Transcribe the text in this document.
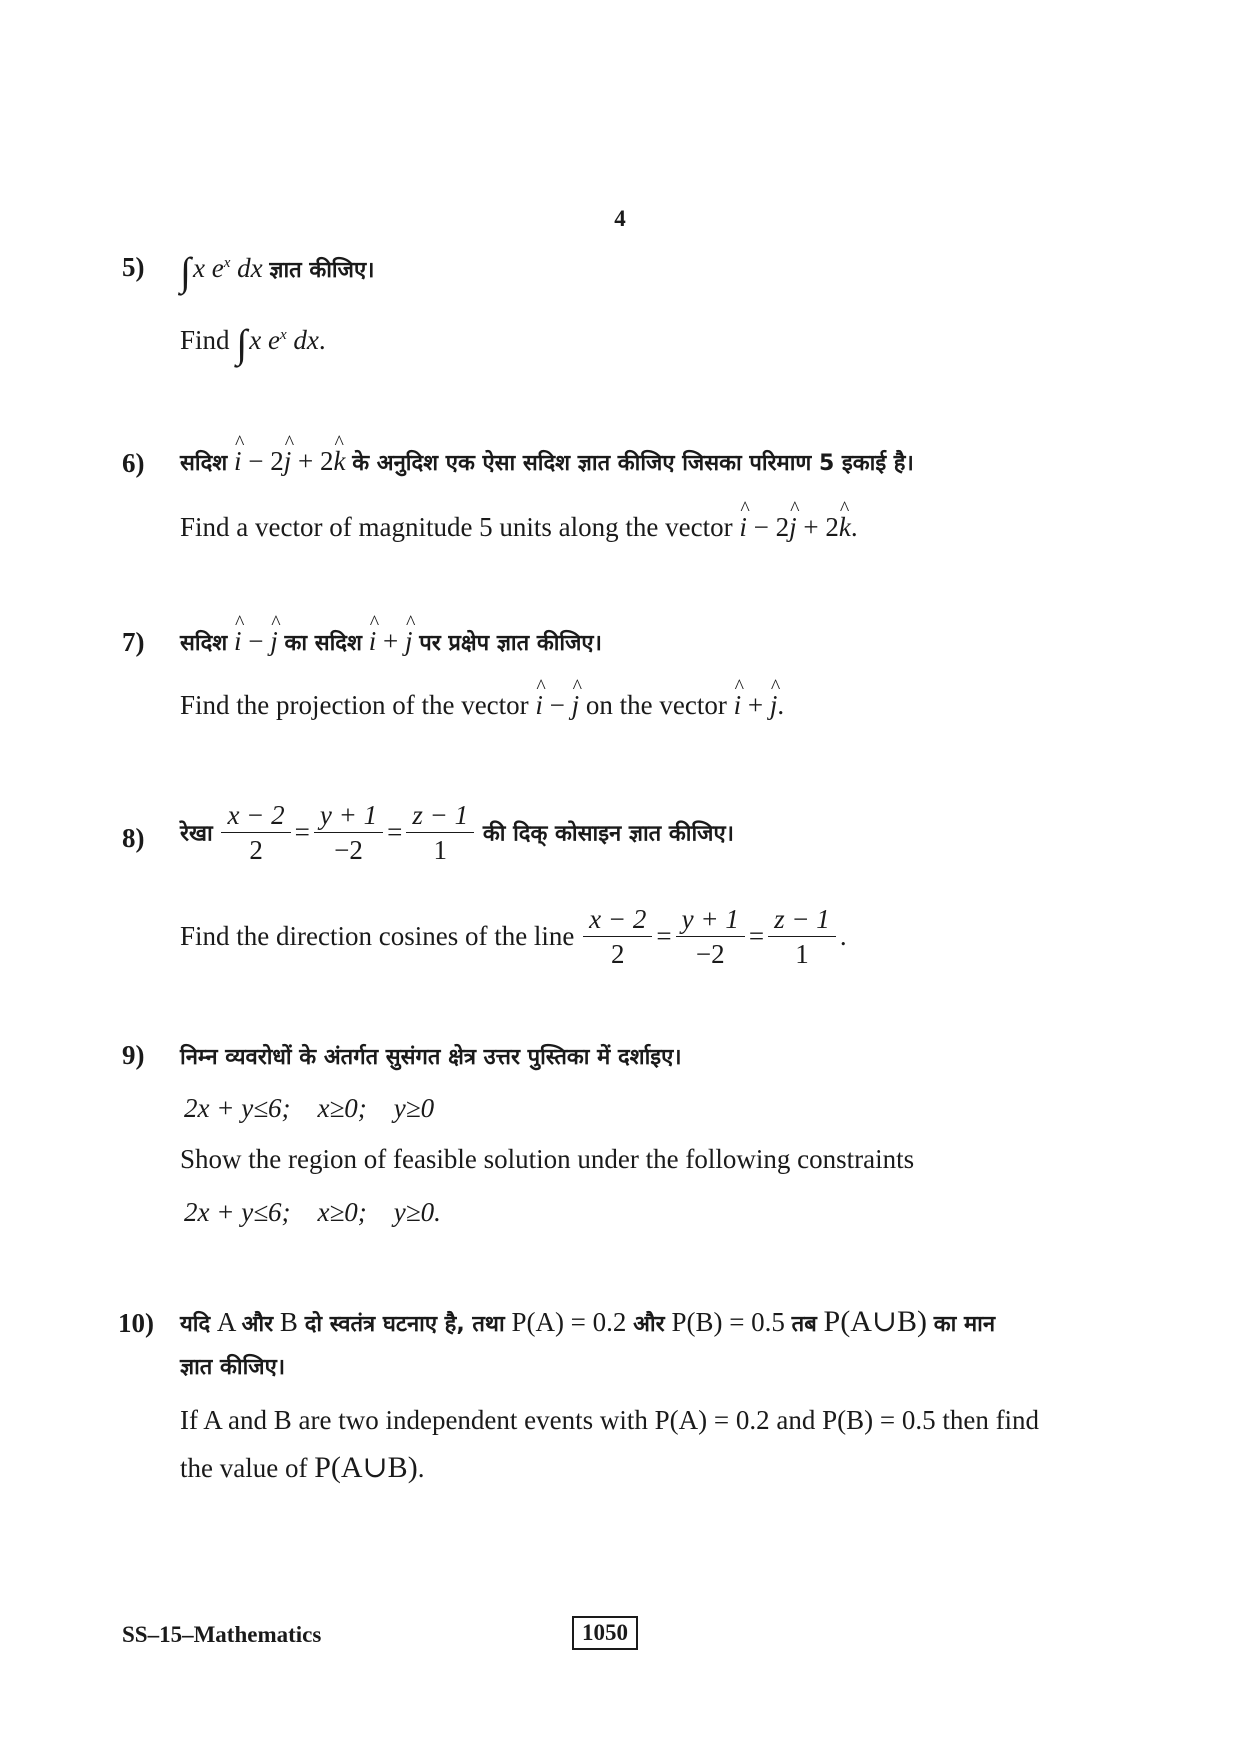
4
5) ∫x $e^x$ dx ज्ञात कीजिए।
Find ∫x $e^x$ dx.
6) सदिश i ^ − 2j ^ + 2k ^ के अनुदिश एक ऐसा सदिश ज्ञात कीजिए जिसका परिमाण 5 इकाई है।
Find a vector of magnitude 5 units along the vector i ^ − 2j ^ + 2k ^.
7) सदिश i ^ − j ^ का सदिश i ^ + j ^ पर प्रक्षेप ज्ञात कीजिए।
Find the projection of the vector i ^ − j ^ on the vector i ^ + j ^.
8) रेखा $\frac{x - 2}{2} = \frac{y + 1}{-2} = \frac{z - 1}{1}$ की दिक् कोसाइन ज्ञात कीजिए।
Find the direction cosines of the line $\frac{x - 2}{2} = \frac{y + 1}{-2} = \frac{z - 1}{1}$ .
9) निम्न व्यवरोधों के अंतर्गत सुसंगत क्षेत्र उत्तर पुस्तिका में दर्शाइए।
2x + y≤6; x≥0; y≥0
Show the region of feasible solution under the following constraints
2x + y≤6; x≥0; y≥0.
10) यदि A और B दो स्वतंत्र घटनाए है, तथा P(A) = 0.2 और P(B) = 0.5 तब P(A∪B) का मान
ज्ञात कीजिए।
If A and B are two independent events with P(A) = 0.2 and P(B) = 0.5 then find
the value of P(A∪B).
SS–15–Mathematics	1050
